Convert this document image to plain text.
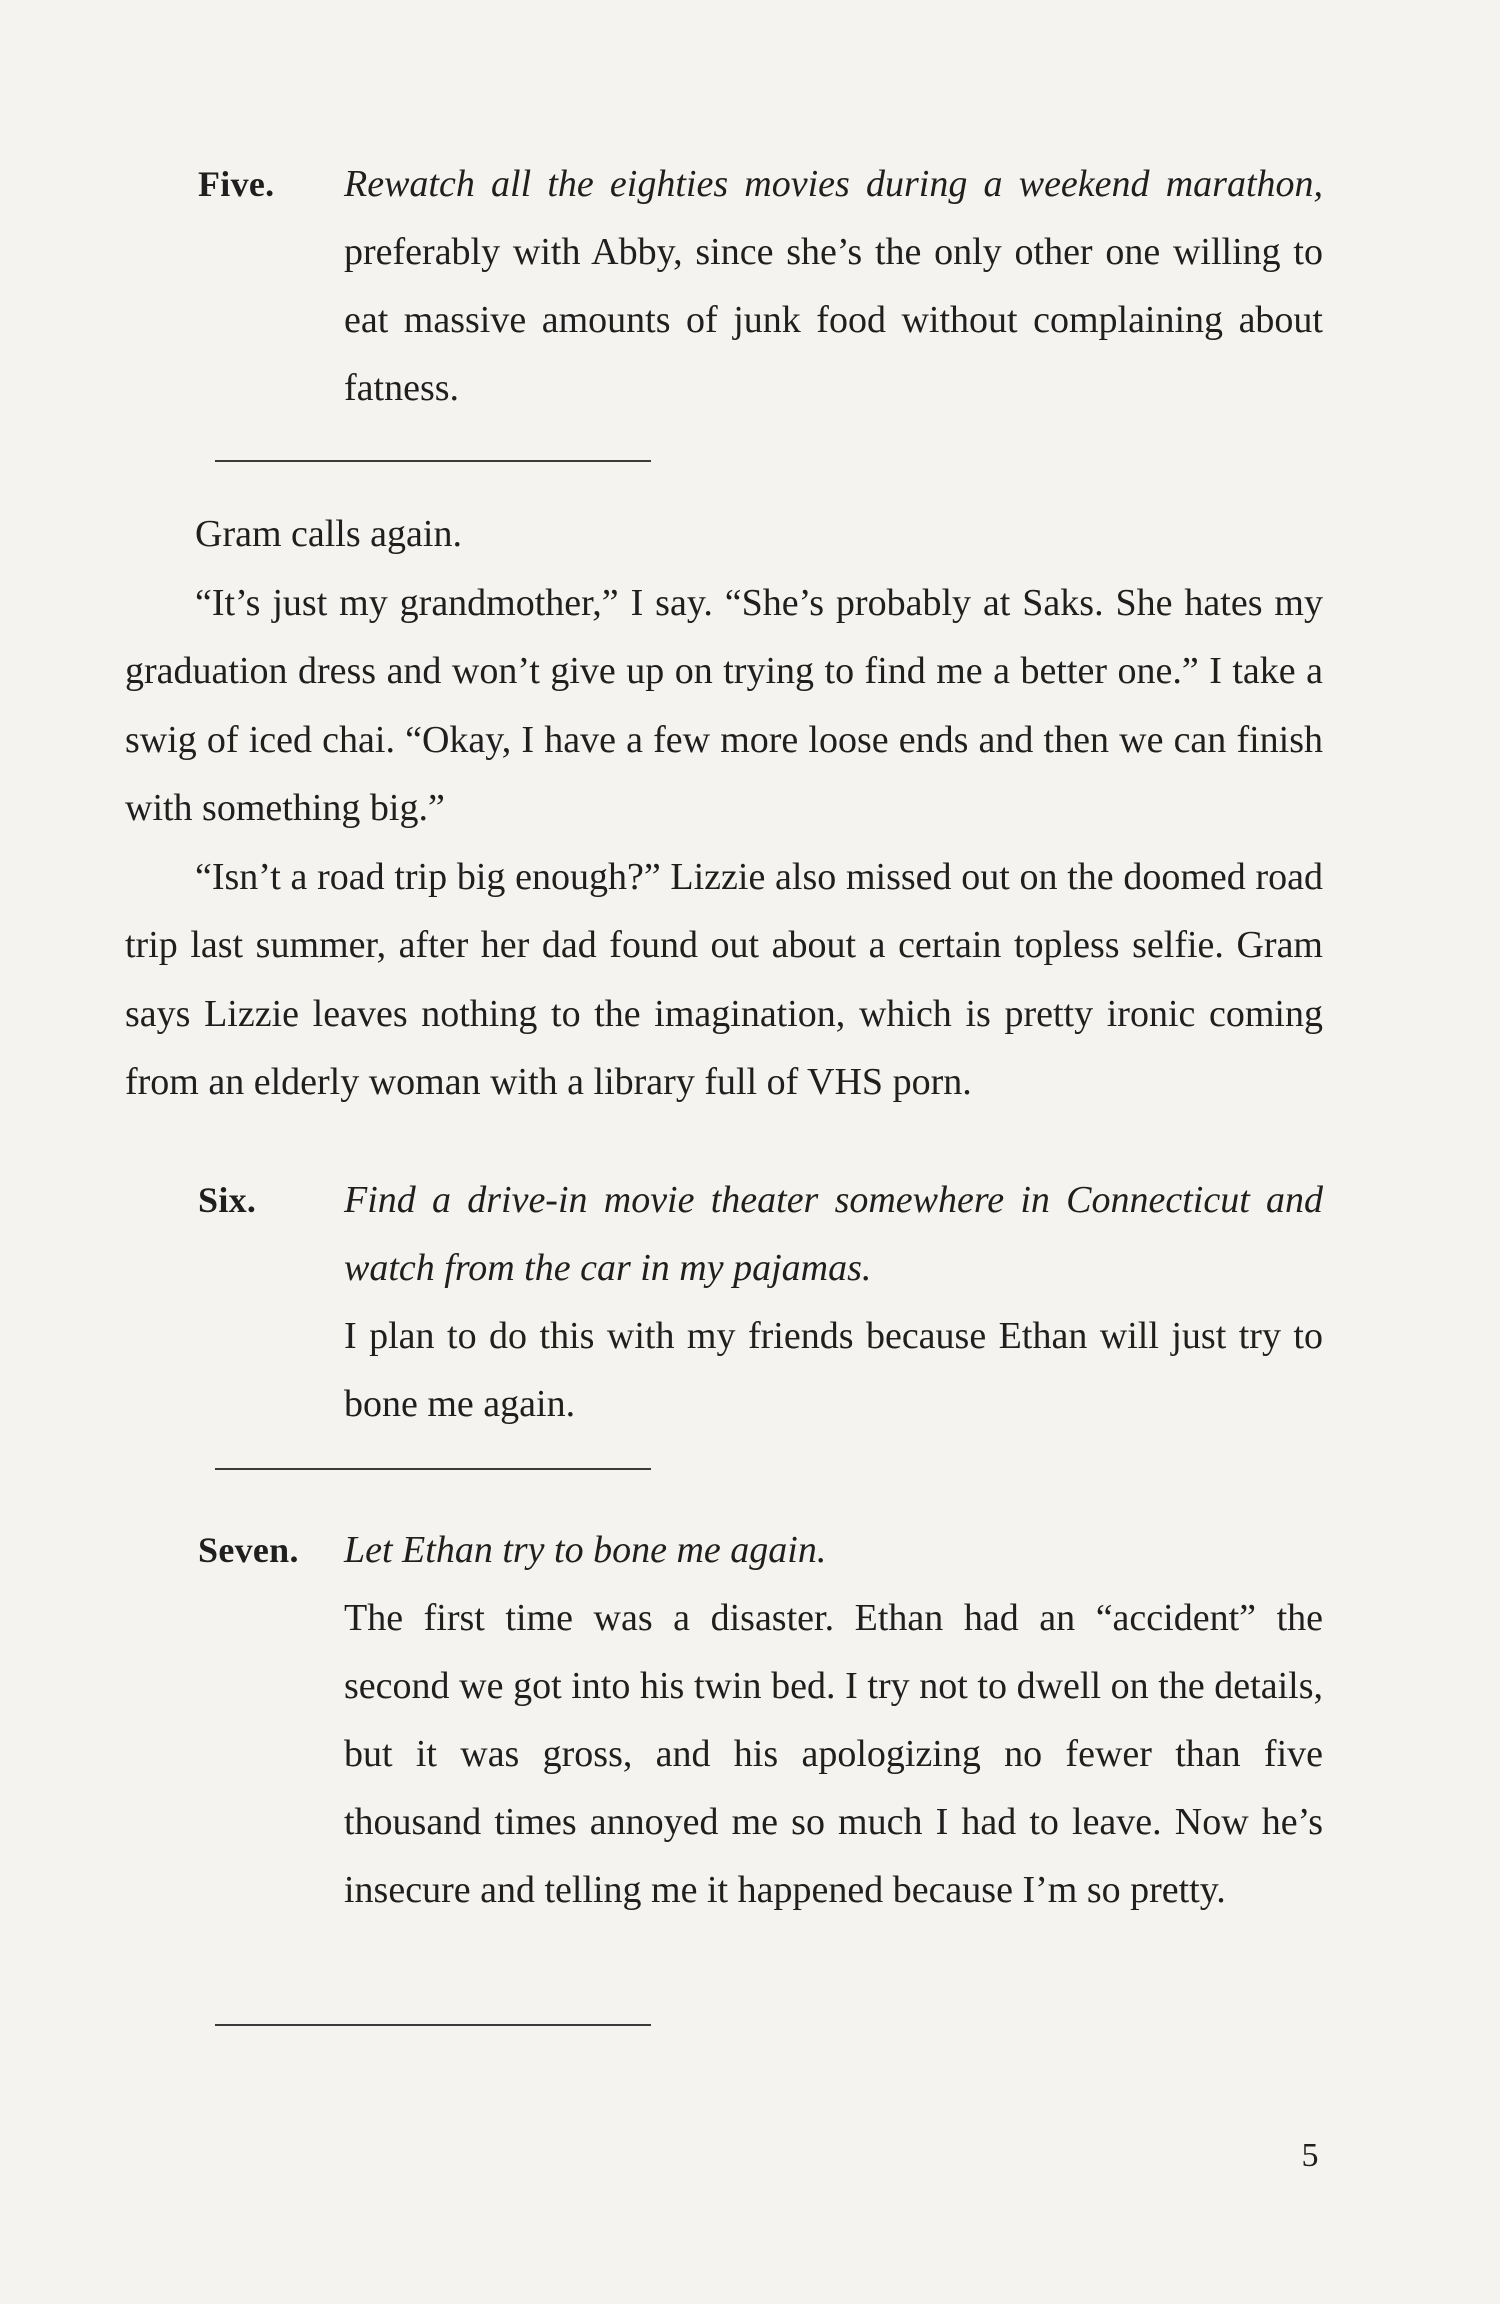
Five. Rewatch all the eighties movies during a weekend marathon, preferably with Abby, since she’s the only other one willing to eat massive amounts of junk food without complaining about fatness.

Gram calls again.

“It’s just my grandmother,” I say. “She’s probably at Saks. She hates my graduation dress and won’t give up on trying to find me a better one.” I take a swig of iced chai. “Okay, I have a few more loose ends and then we can finish with something big.”

“Isn’t a road trip big enough?” Lizzie also missed out on the doomed road trip last summer, after her dad found out about a certain topless selfie. Gram says Lizzie leaves nothing to the imagination, which is pretty ironic coming from an elderly woman with a library full of VHS porn.

Six. Find a drive-in movie theater somewhere in Connecticut and watch from the car in my pajamas.

I plan to do this with my friends because Ethan will just try to bone me again.

Seven. Let Ethan try to bone me again.

The first time was a disaster. Ethan had an “accident” the second we got into his twin bed. I try not to dwell on the details, but it was gross, and his apologizing no fewer than five thousand times annoyed me so much I had to leave. Now he’s insecure and telling me it happened because I’m so pretty.

5
